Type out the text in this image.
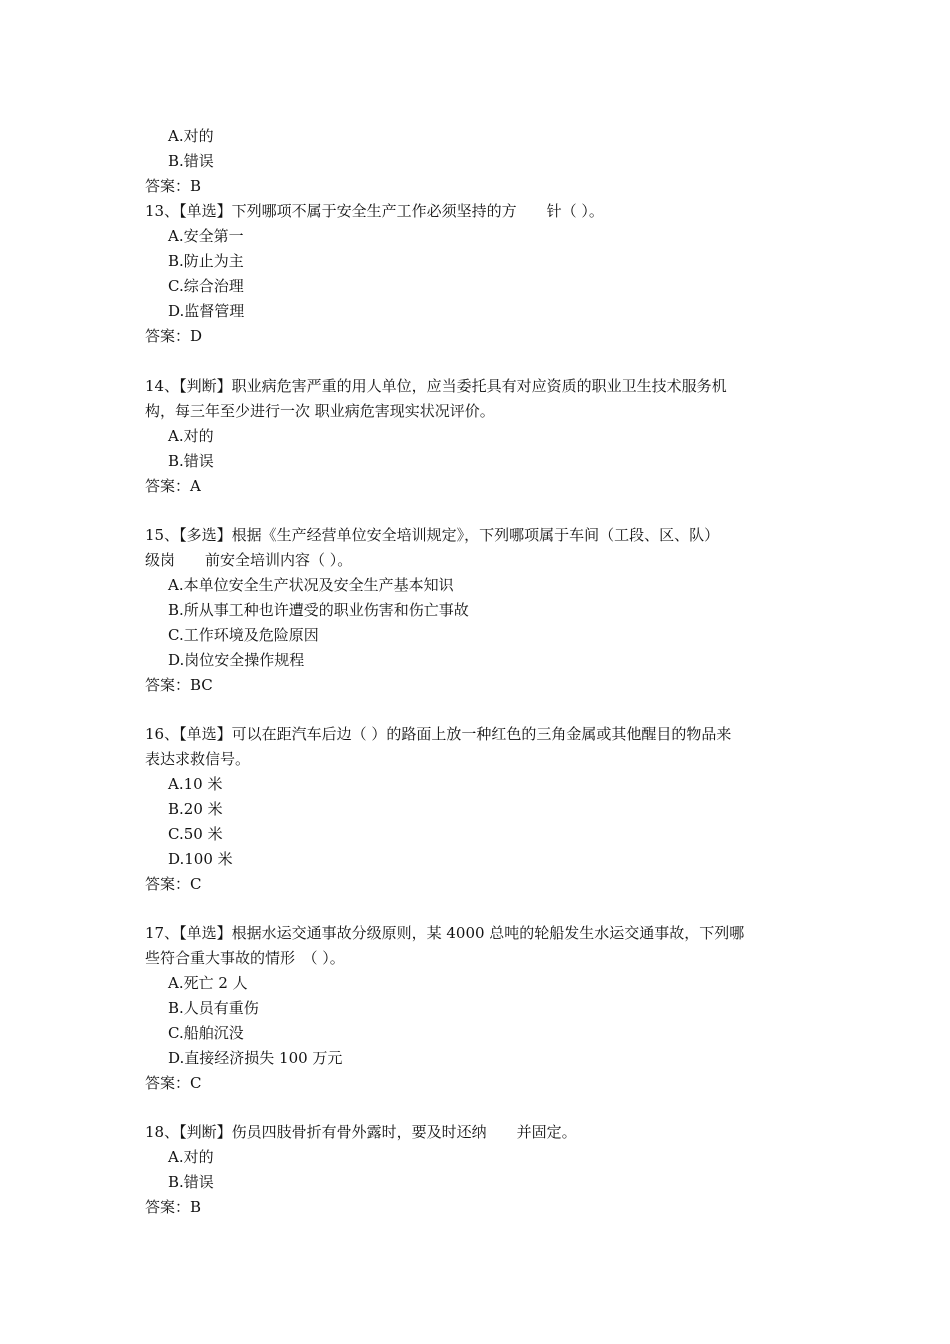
A.对的
B.错误
答案：B
13、【单选】下列哪项不属于安全生产工作必须坚持的方　　针（ ）。
A.安全第一
B.防止为主
C.综合治理
D.监督管理
答案：D
14、【判断】职业病危害严重的用人单位，应当委托具有对应资质的职业卫生技术服务机
构，每三年至少进行一次 职业病危害现实状况评价。
A.对的
B.错误
答案：A
15、【多选】根据《生产经营单位安全培训规定》，下列哪项属于车间（工段、区、队）
级岗　　前安全培训内容（ ）。
A.本单位安全生产状况及安全生产基本知识
B.所从事工种也许遭受的职业伤害和伤亡事故
C.工作环境及危险原因
D.岗位安全操作规程
答案：BC
16、【单选】可以在距汽车后边（ ）的路面上放一种红色的三角金属或其他醒目的物品来
表达求救信号。
A.10 米
B.20 米
C.50 米
D.100 米
答案：C
17、【单选】根据水运交通事故分级原则，某 4000 总吨的轮船发生水运交通事故，下列哪
些符合重大事故的情形　（ ）。
A.死亡 2 人
B.人员有重伤
C.船舶沉没
D.直接经济损失 100 万元
答案：C
18、【判断】伤员四肢骨折有骨外露时，要及时还纳　　并固定。
A.对的
B.错误
答案：B
